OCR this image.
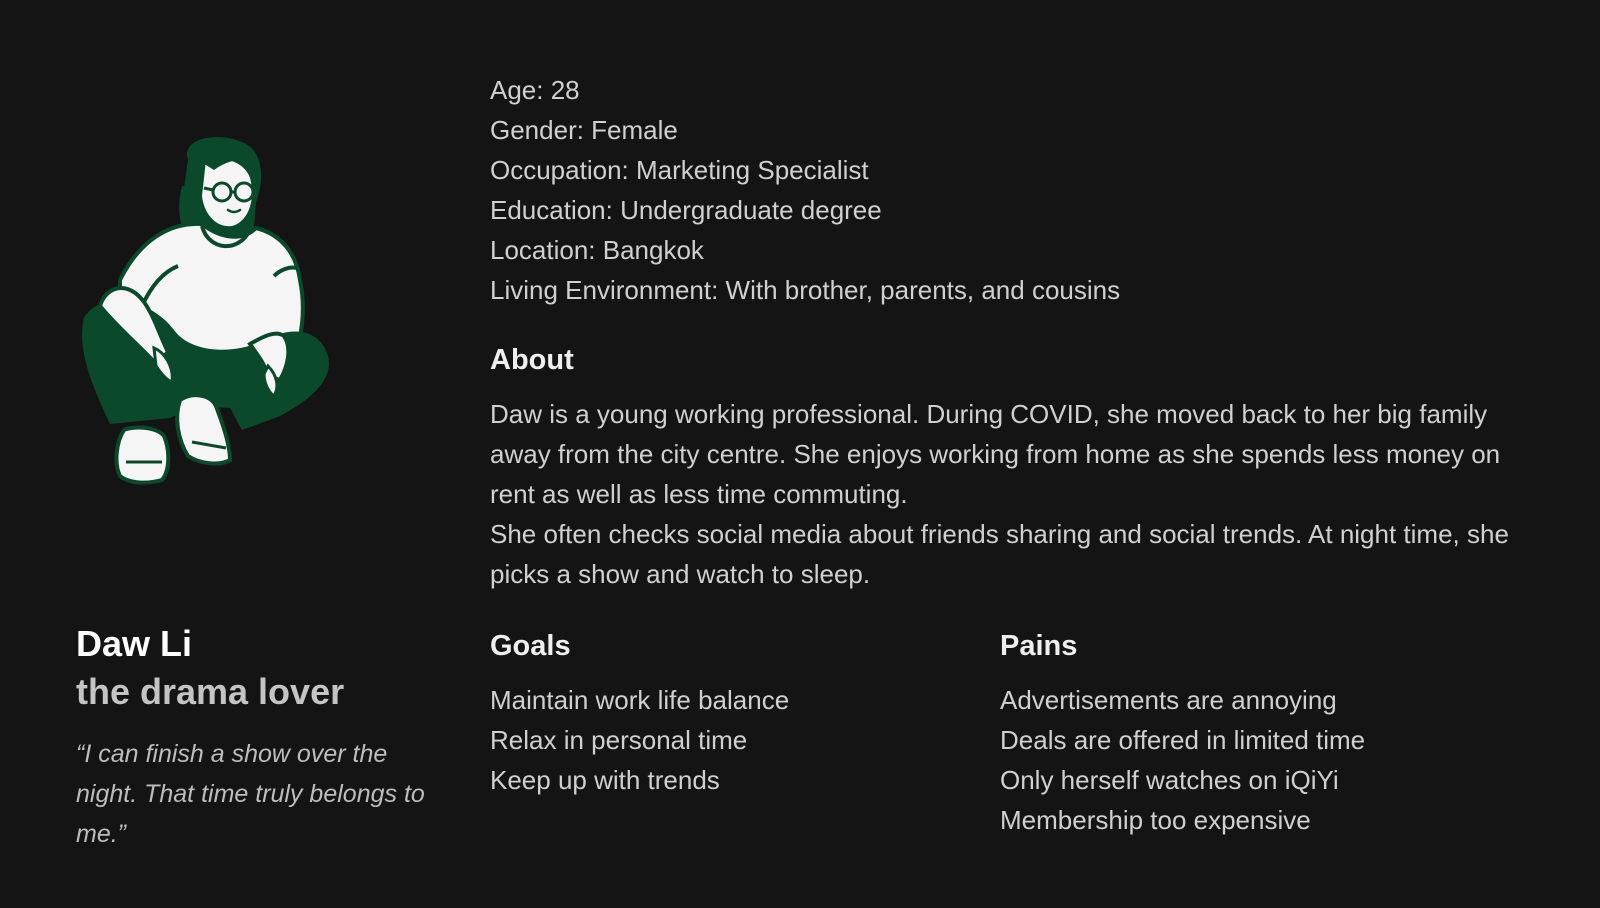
Daw Li
the drama lover

“I can finish a show over the night. That time truly belongs to me.”

Age: 28
Gender: Female
Occupation: Marketing Specialist
Education: Undergraduate degree
Location: Bangkok
Living Environment: With brother, parents, and cousins
About

Daw is a young working professional. During COVID, she moved back to her big family away from the city centre. She enjoys working from home as she spends less money on rent as well as less time commuting.

She often checks social media about friends sharing and social trends. At night time, she picks a show and watch to sleep.

Goals
Maintain work life balance
Relax in personal time
Keep up with trends
Pains
Advertisements are annoying
Deals are offered in limited time
Only herself watches on iQiYi
Membership too expensive
